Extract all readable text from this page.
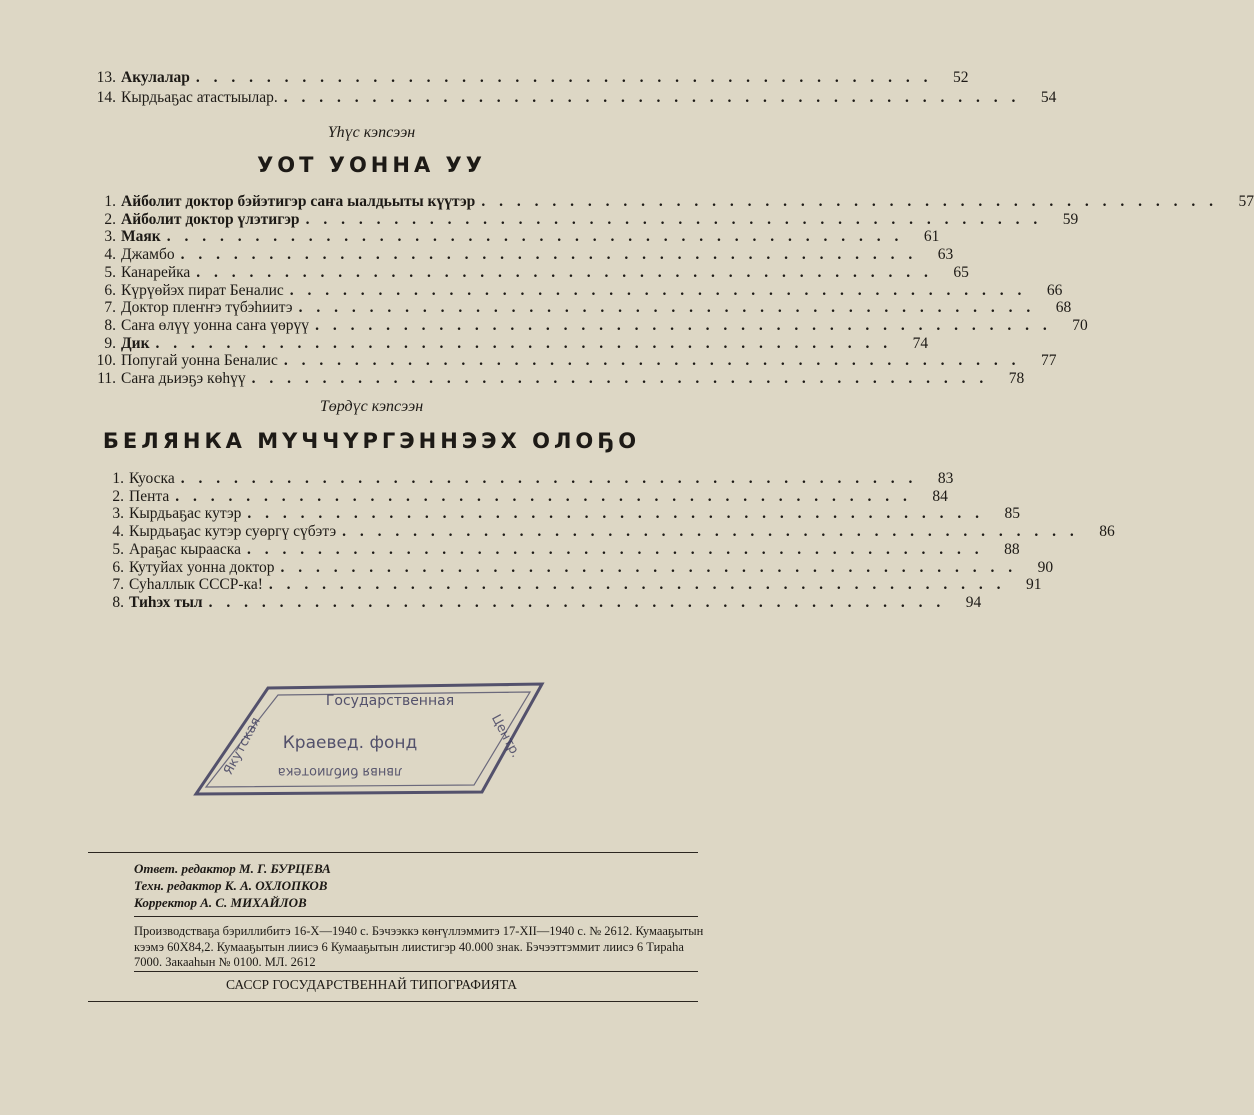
13. Акулалар . . . . . . . . . . . . . . . . . . . . . . . . . . . . . . . . . . . . . . . . . .	52
14. Кырдьаҕас атастыылар. . . . . . . . . . . . . . . . . . . . . . . . . . . . . . . . . . . . . . . . . . .	54
Үһүс кэпсээн
УОТ УОННА УУ
1. Айболит доктор бэйэтигэр саҥа ыалдьыты күүтэр . . . . . . . . . . . . . . . . . . . . . . . . . . . . . . . . . . . . . . . . . .	57
2. Айболит доктор үлэтигэр . . . . . . . . . . . . . . . . . . . . . . . . . . . . . . . . . . . . . . . . . .	59
3. Маяк . . . . . . . . . . . . . . . . . . . . . . . . . . . . . . . . . . . . . . . . . .	61
4. Джамбо . . . . . . . . . . . . . . . . . . . . . . . . . . . . . . . . . . . . . . . . . .	63
5. Канарейка . . . . . . . . . . . . . . . . . . . . . . . . . . . . . . . . . . . . . . . . . .	65
6. Күрүөйэх пират Беналис . . . . . . . . . . . . . . . . . . . . . . . . . . . . . . . . . . . . . . . . . .	66
7. Доктор плеҥҥэ түбэһиитэ . . . . . . . . . . . . . . . . . . . . . . . . . . . . . . . . . . . . . . . . . .	68
8. Саҥа өлүү уонна саҥа үөрүү . . . . . . . . . . . . . . . . . . . . . . . . . . . . . . . . . . . . . . . . . .	70
9. Дик . . . . . . . . . . . . . . . . . . . . . . . . . . . . . . . . . . . . . . . . . .	74
10. Попугай уонна Беналис . . . . . . . . . . . . . . . . . . . . . . . . . . . . . . . . . . . . . . . . . .	77
11. Саҥа дьиэҕэ көһүү . . . . . . . . . . . . . . . . . . . . . . . . . . . . . . . . . . . . . . . . . .	78
Төрдүс кэпсээн
БЕЛЯНКА МҮЧЧҮРГЭННЭЭХ ОЛОҔО
1. Куоска . . . . . . . . . . . . . . . . . . . . . . . . . . . . . . . . . . . . . . . . . .	83
2. Пента . . . . . . . . . . . . . . . . . . . . . . . . . . . . . . . . . . . . . . . . . .	84
3. Кырдьаҕас кутэр . . . . . . . . . . . . . . . . . . . . . . . . . . . . . . . . . . . . . . . . . .	85
4. Кырдьаҕас кутэр суөргү сүбэтэ . . . . . . . . . . . . . . . . . . . . . . . . . . . . . . . . . . . . . . . . . .	86
5. Араҕас кыраaска . . . . . . . . . . . . . . . . . . . . . . . . . . . . . . . . . . . . . . . . . .	88
6. Кутуйах уонна доктор . . . . . . . . . . . . . . . . . . . . . . . . . . . . . . . . . . . . . . . . . .	90
7. Суһаллык СССР-ка! . . . . . . . . . . . . . . . . . . . . . . . . . . . . . . . . . . . . . . . . . .	91
8. Тиһэх тыл . . . . . . . . . . . . . . . . . . . . . . . . . . . . . . . . . . . . . . . . . .	94
Государственная
Краевед. фонд
лвнвя библиотека
Якутская	Центр.
Ответ. редактор М. Г. БУРЦЕВА
Техн. редактор К. А. ОХЛОПКОВ
Корректор А. С. МИХАЙЛОВ
Производстваҕа бэриллибитэ 16-X—1940 с. Бэчээккэ көҥүллэммитэ 17-XII—1940 с. № 2612. Кумааҕытын кээмэ 60X84,2. Кумааҕытын лиисэ 6 Кумааҕытын лиистигэр 40.000 знак. Бэчээттэммит лиисэ 6 Тираһа 7000. Закааһын № 0100. МЛ. 2612
САССР ГОСУДАРСТВЕННАЙ ТИПОГРАФИЯТА
